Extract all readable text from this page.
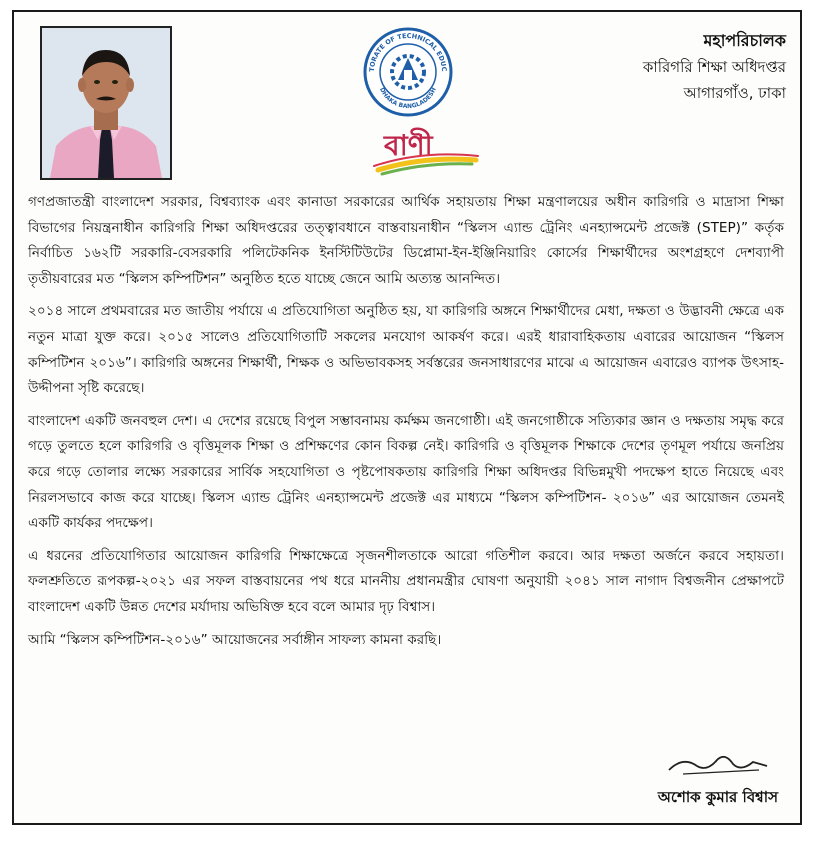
TORATE OF TECHNICAL EDUC
DHAKA BANGLADESH
বাণী
মহাপরিচালক
কারিগরি শিক্ষা অধিদপ্তর
আগারগাঁও, ঢাকা

গণপ্রজাতন্ত্রী বাংলাদেশ সরকার, বিশ্বব্যাংক এবং কানাডা সরকারের আর্থিক সহায়তায় শিক্ষা মন্ত্রণালয়ের অধীন কারিগরি ও মাদ্রাসা শিক্ষা বিভাগের নিয়ন্ত্রনাধীন কারিগরি শিক্ষা অধিদপ্তরের তত্ত্বাবধানে বাস্তবায়নাধীন “স্কিলস এ্যান্ড ট্রেনিং এনহ্যান্সমেন্ট প্রজেক্ট (STEP)” কর্তৃক নির্বাচিত ১৬২টি সরকারি-বেসরকারি পলিটেকনিক ইনস্টিটিউটের ডিপ্লোমা-ইন-ইঞ্জিনিয়ারিং কোর্সের শিক্ষার্থীদের অংশগ্রহণে দেশব্যাপী তৃতীয়বারের মত “স্কিলস কম্পিটিশন” অনুষ্ঠিত হতে যাচ্ছে জেনে আমি অত্যন্ত আনন্দিত।

২০১৪ সালে প্রথমবারের মত জাতীয় পর্যায়ে এ প্রতিযোগিতা অনুষ্ঠিত হয়, যা কারিগরি অঙ্গনে শিক্ষার্থীদের মেধা, দক্ষতা ও উদ্ভাবনী ক্ষেত্রে এক নতুন মাত্রা যুক্ত করে। ২০১৫ সালেও প্রতিযোগিতাটি সকলের মনযোগ আকর্ষণ করে। এরই ধারাবাহিকতায় এবারের আয়োজন “স্কিলস কম্পিটিশন ২০১৬”। কারিগরি অঙ্গনের শিক্ষার্থী, শিক্ষক ও অভিভাবকসহ সর্বস্তরের জনসাধারণের মাঝে এ আয়োজন এবারেও ব্যাপক উৎসাহ-উদ্দীপনা সৃষ্টি করেছে।

বাংলাদেশ একটি জনবহুল দেশ। এ দেশের রয়েছে বিপুল সম্ভাবনাময় কর্মক্ষম জনগোষ্ঠী। এই জনগোষ্ঠীকে সত্যিকার জ্ঞান ও দক্ষতায় সমৃদ্ধ করে গড়ে তুলতে হলে কারিগরি ও বৃত্তিমূলক শিক্ষা ও প্রশিক্ষণের কোন বিকল্প নেই। কারিগরি ও বৃত্তিমূলক শিক্ষাকে দেশের তৃণমূল পর্যায়ে জনপ্রিয় করে গড়ে তোলার লক্ষ্যে সরকারের সার্বিক সহযোগিতা ও পৃষ্টপোষকতায় কারিগরি শিক্ষা অধিদপ্তর বিভিন্নমুখী পদক্ষেপ হাতে নিয়েছে এবং নিরলসভাবে কাজ করে যাচ্ছে। স্কিলস এ্যান্ড ট্রেনিং এনহ্যান্সমেন্ট প্রজেক্ট এর মাধ্যমে “স্কিলস কম্পিটিশন- ২০১৬” এর আয়োজন তেমনই একটি কার্যকর পদক্ষেপ।

এ ধরনের প্রতিযোগিতার আয়োজন কারিগরি শিক্ষাক্ষেত্রে সৃজনশীলতাকে আরো গতিশীল করবে। আর দক্ষতা অর্জনে করবে সহায়তা। ফলশ্রুতিতে রূপকল্প-২০২১ এর সফল বাস্তবায়নের পথ ধরে মাননীয় প্রধানমন্ত্রীর ঘোষণা অনুযায়ী ২০৪১ সাল নাগাদ বিশ্বজনীন প্রেক্ষাপটে বাংলাদেশ একটি উন্নত দেশের মর্যাদায় অভিষিক্ত হবে বলে আমার দৃঢ় বিশ্বাস।

আমি “স্কিলস কম্পিটিশন-২০১৬” আয়োজনের সর্বাঙ্গীন সাফল্য কামনা করছি।

অশোক কুমার বিশ্বাস
